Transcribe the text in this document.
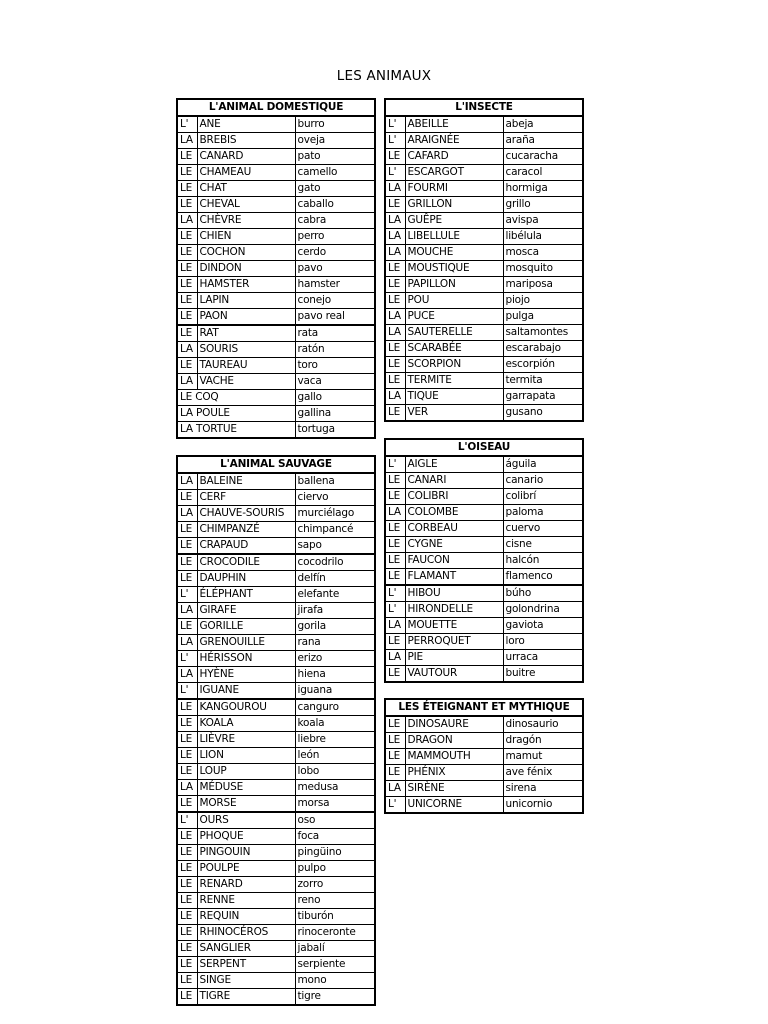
LES ANIMAUX
L'ANIMAL DOMESTIQUE		
L'	ANE	burro
LA	BREBIS	oveja
LE	CANARD	pato
LE	CHAMEAU	camello
LE	CHAT	gato
LE	CHEVAL	caballo
LA	CHÈVRE	cabra
LE	CHIEN	perro
LE	COCHON	cerdo
LE	DINDON	pavo
LE	HAMSTER	hamster
LE	LAPIN	conejo
LE	PAON	pavo real
LE	RAT	rata
LA	SOURIS	ratón
LE	TAUREAU	toro
LA	VACHE	vaca
LE COQ		gallo
LA POULE		gallina
LA TORTUE		tortuga
L'INSECTE		
L'	ABEILLE	abeja
L'	ARAIGNÉE	araña
LE	CAFARD	cucaracha
L'	ESCARGOT	caracol
LA	FOURMI	hormiga
LE	GRILLON	grillo
LA	GUÊPE	avispa
LA	LIBELLULE	libélula
LA	MOUCHE	mosca
LE	MOUSTIQUE	mosquito
LE	PAPILLON	mariposa
LE	POU	piojo
LA	PUCE	pulga
LA	SAUTERELLE	saltamontes
LE	SCARABÉE	escarabajo
LE	SCORPION	escorpión
LE	TERMITE	termita
LA	TIQUE	garrapata
LE	VER	gusano
L'OISEAU		
L'	AIGLE	águila
LE	CANARI	canario
LE	COLIBRI	colibrí
LA	COLOMBE	paloma
LE	CORBEAU	cuervo
LE	CYGNE	cisne
LE	FAUCON	halcón
LE	FLAMANT	flamenco
L'	HIBOU	búho
L'	HIRONDELLE	golondrina
LA	MOUETTE	gaviota
LE	PERROQUET	loro
LA	PIE	urraca
LE	VAUTOUR	buitre
L'ANIMAL SAUVAGE		
LA	BALEINE	ballena
LE	CERF	ciervo
LA	CHAUVE-SOURIS	murciélago
LE	CHIMPANZÉ	chimpancé
LE	CRAPAUD	sapo
LE	CROCODILE	cocodrilo
LE	DAUPHIN	delfín
L'	ÉLÉPHANT	elefante
LA	GIRAFE	jirafa
LE	GORILLE	gorila
LA	GRENOUILLE	rana
L'	HÉRISSON	erizo
LA	HYÈNE	hiena
L'	IGUANE	iguana
LE	KANGOUROU	canguro
LE	KOALA	koala
LE	LIÈVRE	liebre
LE	LION	león
LE	LOUP	lobo
LA	MÉDUSE	medusa
LE	MORSE	morsa
L'	OURS	oso
LE	PHOQUE	foca
LE	PINGOUIN	pingüino
LE	POULPE	pulpo
LE	RENARD	zorro
LE	RENNE	reno
LE	REQUIN	tiburón
LE	RHINOCÉROS	rinoceronte
LE	SANGLIER	jabalí
LE	SERPENT	serpiente
LE	SINGE	mono
LE	TIGRE	tigre
LES ÉTEIGNANT ET MYTHIQUE		
LE	DINOSAURE	dinosaurio
LE	DRAGON	dragón
LE	MAMMOUTH	mamut
LE	PHÉNIX	ave fénix
LA	SIRÈNE	sirena
L'	UNICORNE	unicornio
